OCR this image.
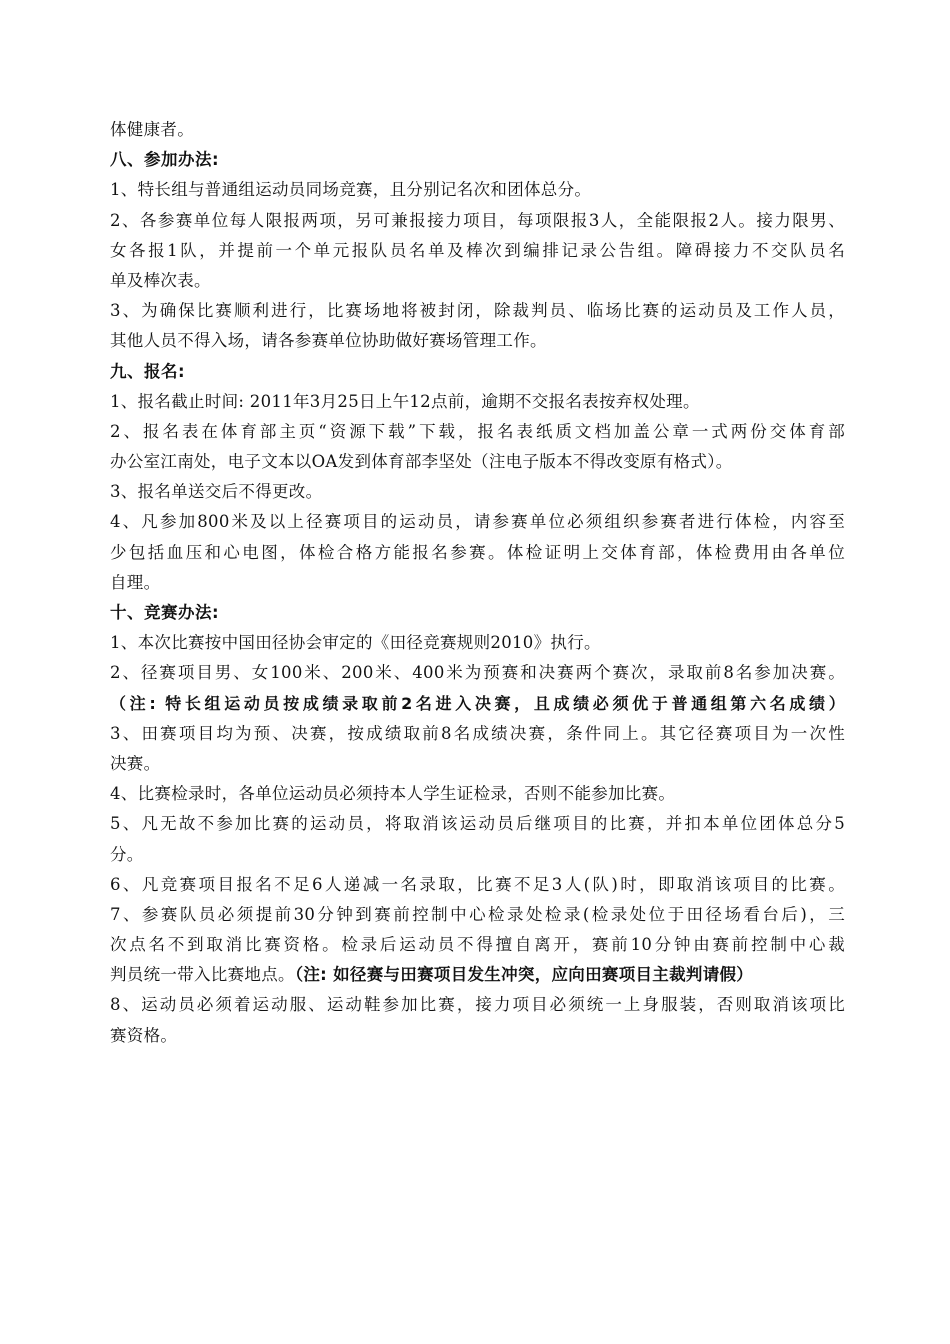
体健康者。
八、参加办法:
1、特长组与普通组运动员同场竞赛，且分别记名次和团体总分。
2、各参赛单位每人限报两项，另可兼报接力项目，每项限报3人，全能限报2人。接力限男、
女各报1队，并提前一个单元报队员名单及棒次到编排记录公告组。障碍接力不交队员名
单及棒次表。
3、为确保比赛顺利进行，比赛场地将被封闭，除裁判员、临场比赛的运动员及工作人员，
其他人员不得入场，请各参赛单位协助做好赛场管理工作。
九、报名:
1、报名截止时间: 2011年3月25日上午12点前，逾期不交报名表按弃权处理。
2、报名表在体育部主页“资源下载”下载，报名表纸质文档加盖公章一式两份交体育部
办公室江南处，电子文本以OA发到体育部李坚处（注电子版本不得改变原有格式）。
3、报名单送交后不得更改。
4、凡参加800米及以上径赛项目的运动员，请参赛单位必须组织参赛者进行体检，内容至
少包括血压和心电图，体检合格方能报名参赛。体检证明上交体育部，体检费用由各单位
自理。
十、竞赛办法:
1、本次比赛按中国田径协会审定的《田径竞赛规则2010》执行。
2、径赛项目男、女100米、200米、400米为预赛和决赛两个赛次，录取前8名参加决赛。
（注: 特长组运动员按成绩录取前2名进入决赛，且成绩必须优于普通组第六名成绩）
3、田赛项目均为预、决赛，按成绩取前8名成绩决赛，条件同上。其它径赛项目为一次性
决赛。
4、比赛检录时，各单位运动员必须持本人学生证检录，否则不能参加比赛。
5、凡无故不参加比赛的运动员，将取消该运动员后继项目的比赛，并扣本单位团体总分5
分。
6、凡竞赛项目报名不足6人递减一名录取，比赛不足3人(队)时，即取消该项目的比赛。
7、参赛队员必须提前30分钟到赛前控制中心检录处检录(检录处位于田径场看台后)，三
次点名不到取消比赛资格。检录后运动员不得擅自离开，赛前10分钟由赛前控制中心裁
判员统一带入比赛地点。（注: 如径赛与田赛项目发生冲突，应向田赛项目主裁判请假）
8、运动员必须着运动服、运动鞋参加比赛，接力项目必须统一上身服装，否则取消该项比
赛资格。
